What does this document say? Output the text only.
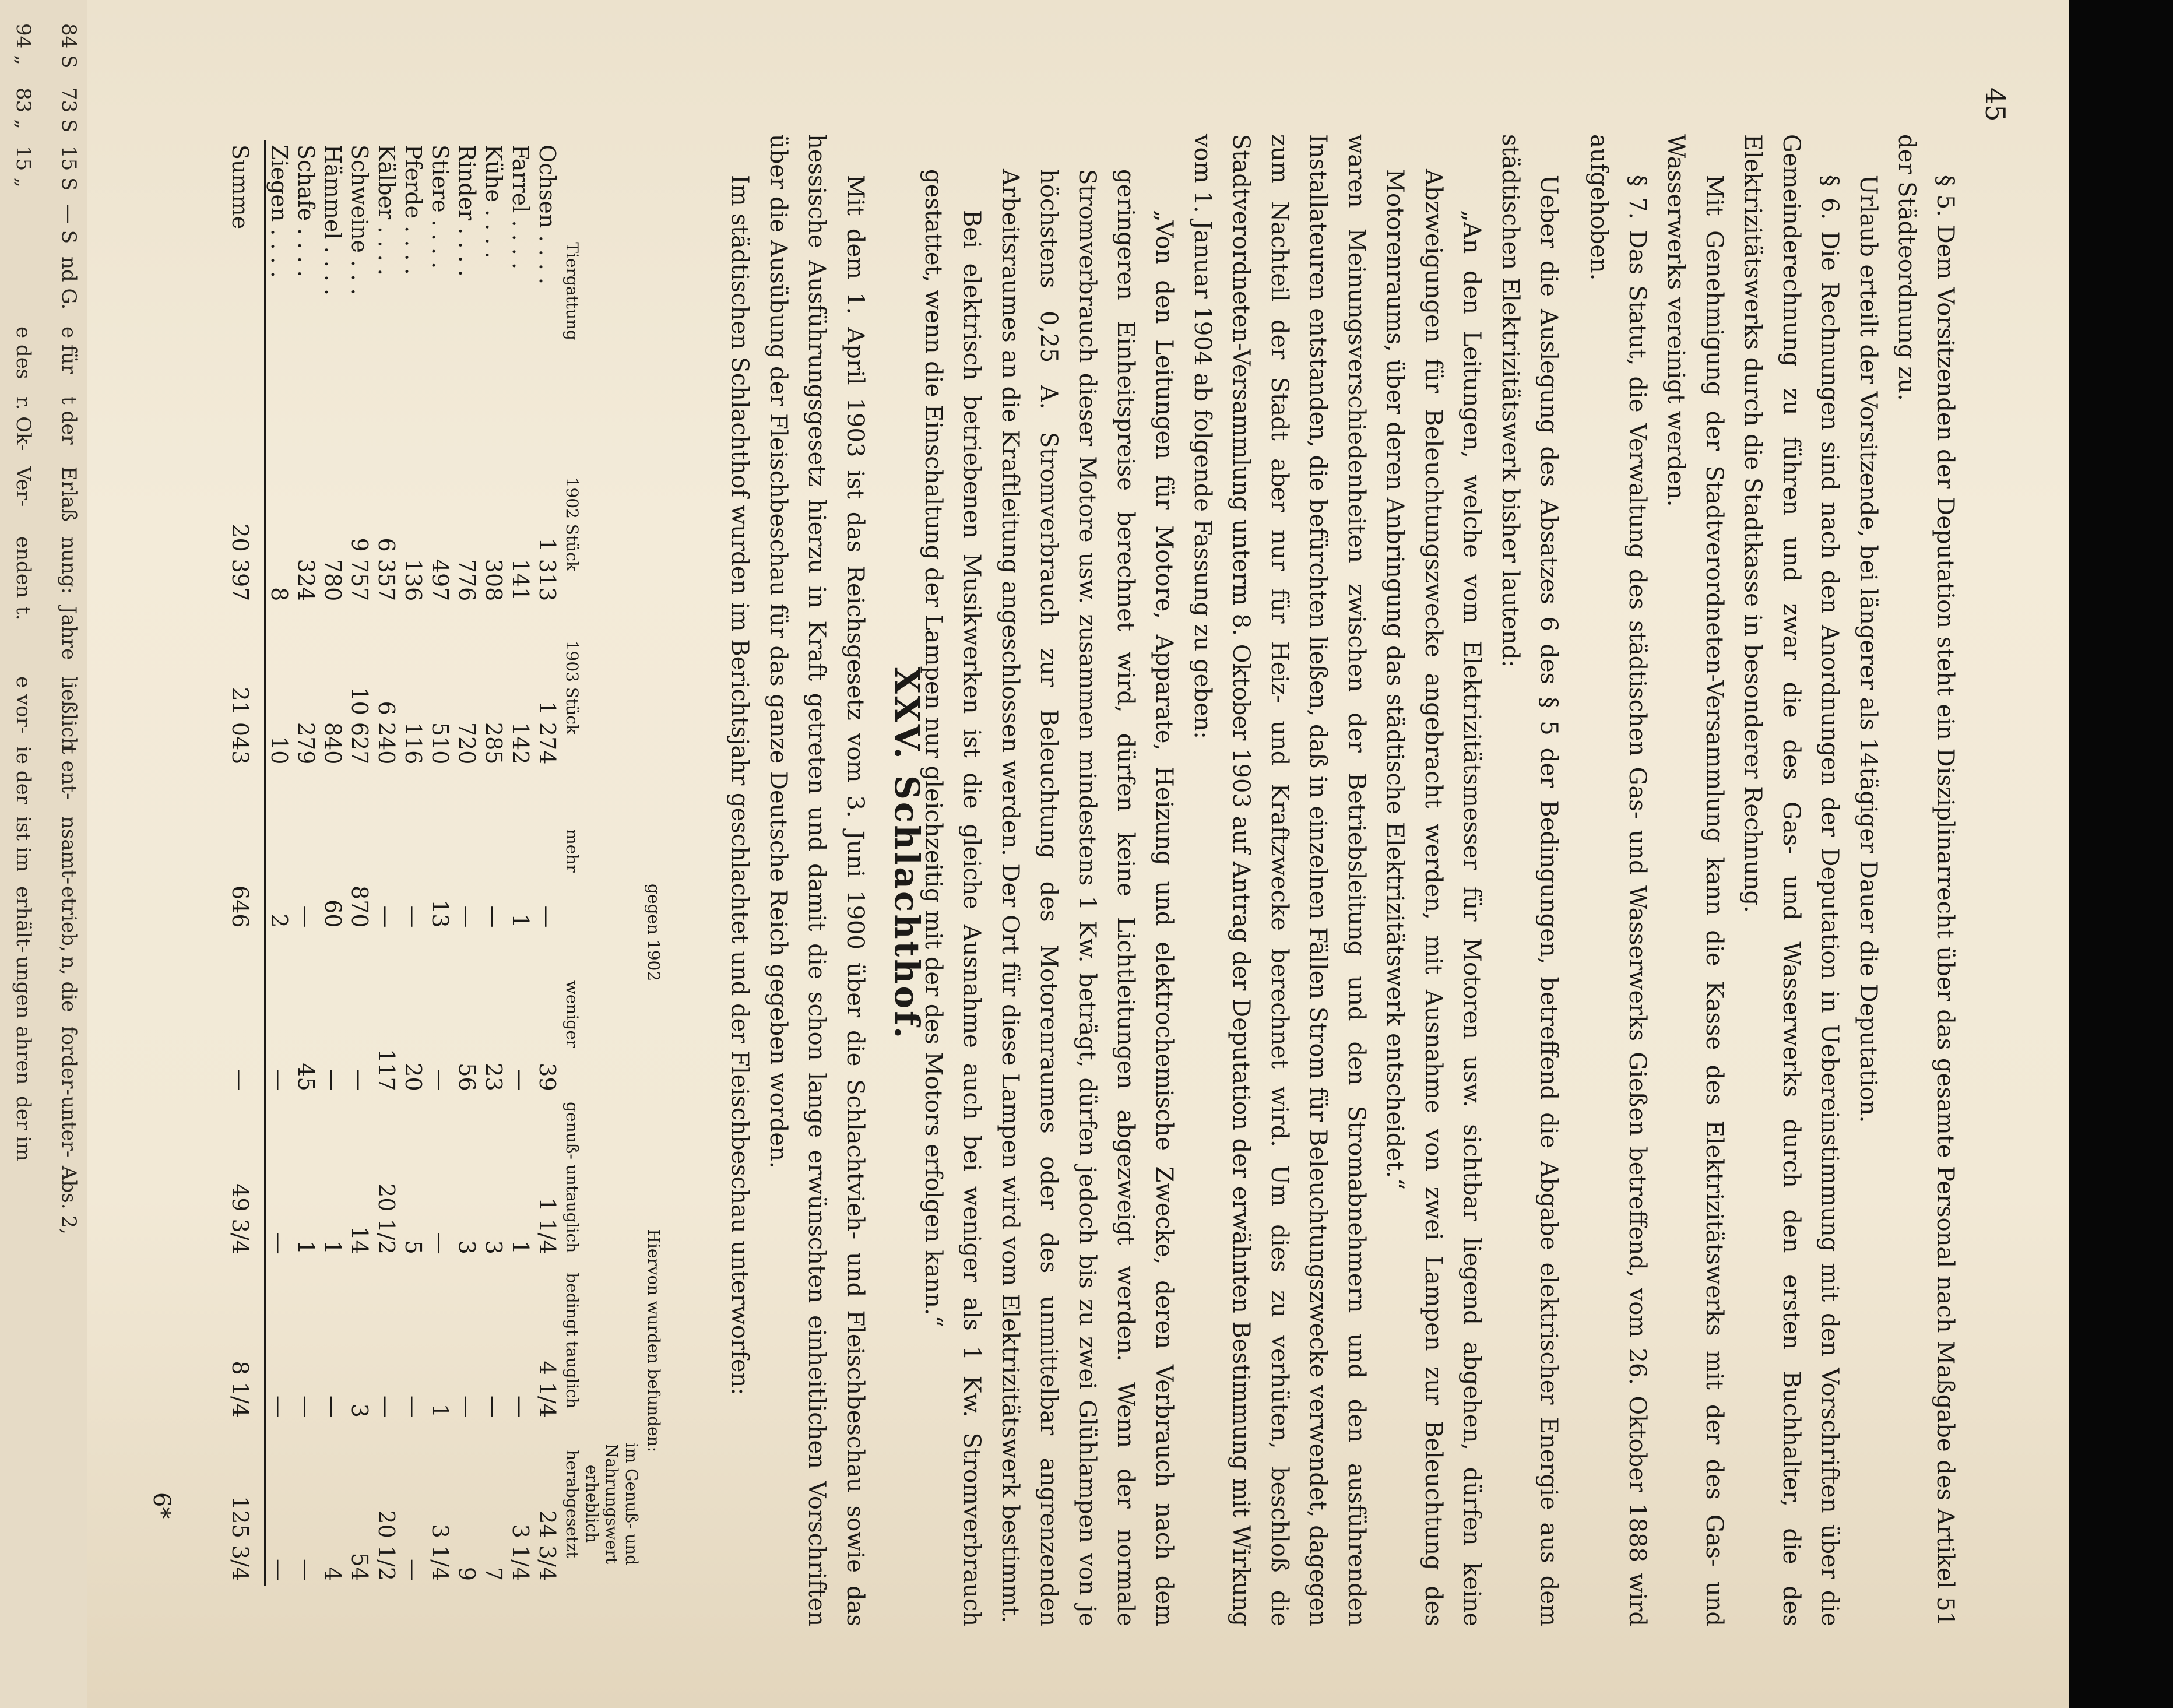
84 S
94 „
73 S
83 „
15 S
15 „
— S
nd G.
e für
e des
t der
r. Ok-
Erlaß
Ver-
nung:
enden
Jahre
t.
ließlich
e vor-
t ent-
ie der
nsamt-
ist im
etrieb,
erhält-
n, die
ungen
forder-
ahren
unter-
der im
Abs. 2,
45

§ 5. Dem Vorsitzenden der Deputation steht ein Disziplinarrecht über das gesamte Personal nach Maßgabe des Artikel 51 der Städteordnung zu.

Urlaub erteilt der Vorsitzende, bei längerer als 14tägiger Dauer die Deputation.

§ 6. Die Rechnungen sind nach den Anordnungen der Deputation in Uebereinstimmung mit den Vorschriften über die Gemeinderechnung zu führen und zwar die des Gas- und Wasserwerks durch den ersten Buchhalter, die des Elektrizitätswerks durch die Stadtkasse in besonderer Rechnung.

Mit Genehmigung der Stadtverordneten-Versammlung kann die Kasse des Elektrizitätswerks mit der des Gas- und Wasserwerks vereinigt werden.

§ 7. Das Statut, die Verwaltung des städtischen Gas- und Wasserwerks Gießen betreffend, vom 26. Oktober 1888 wird aufgehoben.

Ueber die Auslegung des Absatzes 6 des § 5 der Bedingungen, betreffend die Abgabe elektrischer Energie aus dem städtischen Elektrizitätswerk bisher lautend:

„An den Leitungen, welche vom Elektrizitätsmesser für Motoren usw. sichtbar liegend abgehen, dürfen keine Abzweigungen für Beleuchtungszwecke angebracht werden, mit Ausnahme von zwei Lampen zur Beleuchtung des Motorenraums, über deren Anbringung das städtische Elektrizitätswerk entscheidet.“

waren Meinungsverschiedenheiten zwischen der Betriebsleitung und den Stromabnehmern und den ausführenden Installateuren entstanden, die befürchten ließen, daß in einzelnen Fällen Strom für Beleuchtungszwecke verwendet, dagegen zum Nachteil der Stadt aber nur für Heiz- und Kraftzwecke berechnet wird. Um dies zu verhüten, beschloß die Stadtverordneten-Versammlung unterm 8. Oktober 1903 auf Antrag der Deputation der erwähnten Bestimmung mit Wirkung vom 1. Januar 1904 ab folgende Fassung zu geben:

„Von den Leitungen für Motore, Apparate, Heizung und elektrochemische Zwecke, deren Verbrauch nach dem geringeren Einheitspreise berechnet wird, dürfen keine Lichtleitungen abgezweigt werden. Wenn der normale Stromverbrauch dieser Motore usw. zusammen mindestens 1 Kw. beträgt, dürfen jedoch bis zu zwei Glühlampen von je höchstens 0,25 A. Stromverbrauch zur Beleuchtung des Motorenraumes oder des unmittelbar angrenzenden Arbeitsraumes an die Kraftleitung angeschlossen werden. Der Ort für diese Lampen wird vom Elektrizitätswerk bestimmt.

Bei elektrisch betriebenen Musikwerken ist die gleiche Ausnahme auch bei weniger als 1 Kw. Stromverbrauch gestattet, wenn die Einschaltung der Lampen nur gleichzeitig mit der des Motors erfolgen kann.“

XXV. Schlachthof.

Mit dem 1. April 1903 ist das Reichsgesetz vom 3. Juni 1900 über die Schlachtvieh- und Fleischbeschau sowie das hessische Ausführungsgesetz hierzu in Kraft getreten und damit die schon lange erwünschten einheitlichen Vorschriften über die Ausübung der Fleischbeschau für das ganze Deutsche Reich gegeben worden.

Im städtischen Schlachthof wurden im Berichtsjahr geschlachtet und der Fleischbeschau unterworfen:

Tiergattung	1902 Stück	1903 Stück	gegen 1902		Hiervon wurden befunden:		
			mehr	weniger	genuß- untauglich	bedingt tauglich	im Genuß- und Nahrungswert erheblich herabgesetzt
Ochsen . . . .	1 313	1 274	—	39	1 1/4	4 1/4	24 3/4
Farrel . . . .	141	142	1	—	1	—	3 1/4
Kühe . . . .	308	285	—	23	3	—	7
Rinder . . . .	776	720	—	56	3	—	9
Stiere . . . .	497	510	13	—	—	1	3 1/4
Pferde . . . .	136	116	—	20	5	—	—
Kälber . . . .	6 357	6 240	—	117	20 1/2	—	20 1/2
Schweine . . .	9 757	10 627	870	—	14	3	54
Hämmel . . . .	780	840	60	—	1	—	4
Schafe . . . .	324	279	—	45	1	—	—
Ziegen . . . .	8	10	2	—	—	—	—
Summe	20 397	21 043	646	—	49 3/4	8 1/4	125 3/4
6*
